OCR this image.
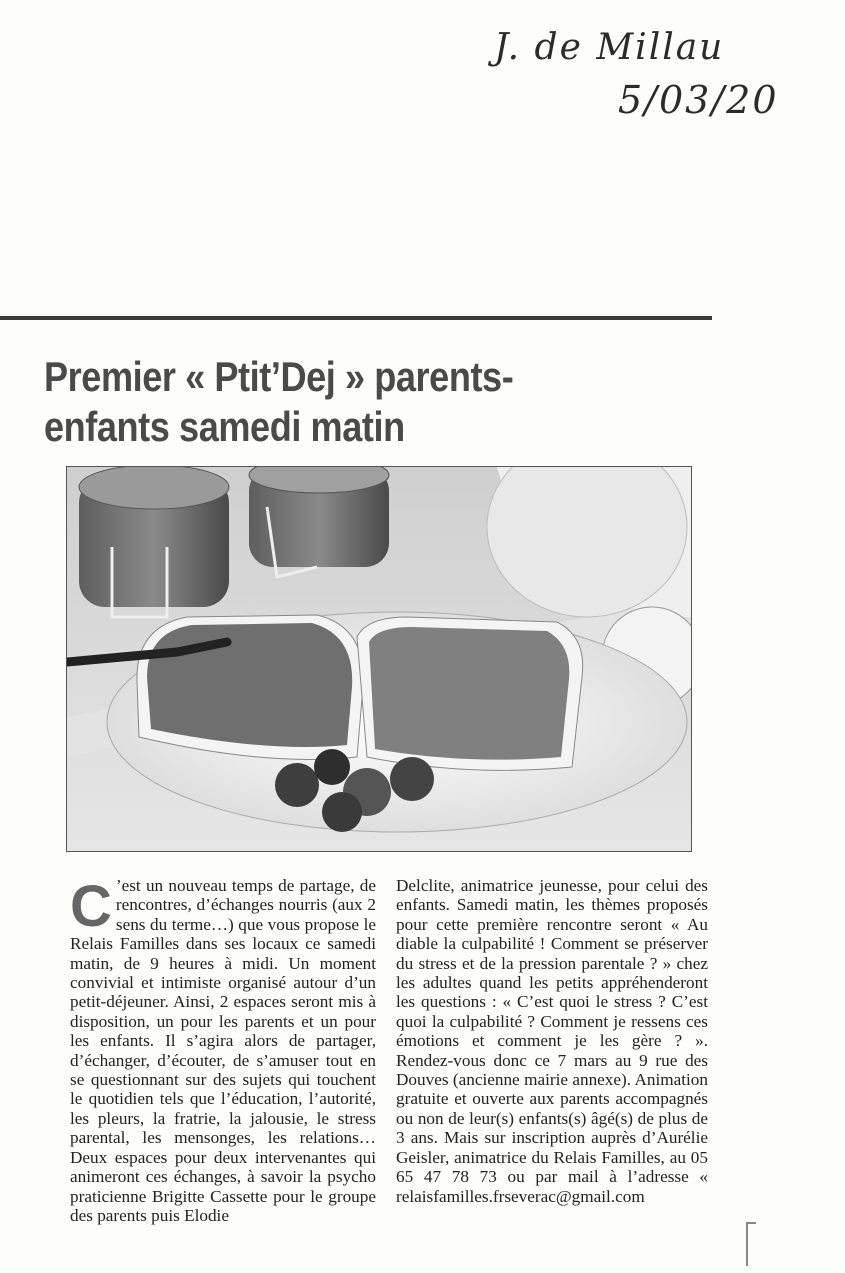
J. de Millau
5/03/20
Premier « Ptit’Dej » parents-enfants samedi matin
C ’est un nouveau temps de partage, de rencontres, d’échanges nourris (aux 2 sens du terme…) que vous propose le Relais Familles dans ses locaux ce samedi matin, de 9 heures à midi. Un moment convivial et intimiste organisé autour d’un petit-déjeuner. Ainsi, 2 espaces seront mis à disposition, un pour les parents et un pour les enfants. Il s’agira alors de partager, d’échanger, d’écouter, de s’amuser tout en se questionnant sur des sujets qui touchent le quotidien tels que l’éducation, l’autorité, les pleurs, la fratrie, la jalousie, le stress parental, les mensonges, les relations… Deux espaces pour deux intervenantes qui animeront ces échanges, à savoir la psycho praticienne Brigitte Cassette pour le groupe des parents puis Elodie
Delclite, animatrice jeunesse, pour celui des enfants. Samedi matin, les thèmes proposés pour cette première rencontre seront « Au diable la culpabilité ! Comment se préserver du stress et de la pression parentale ? » chez les adultes quand les petits appréhenderont les questions : « C’est quoi le stress ? C’est quoi la culpabilité ? Comment je ressens ces émotions et comment je les gère ? ». Rendez-vous donc ce 7 mars au 9 rue des Douves (ancienne mairie annexe). Animation gratuite et ouverte aux parents accompagnés ou non de leur(s) enfants(s) âgé(s) de plus de 3 ans. Mais sur inscription auprès d’Aurélie Geisler, animatrice du Relais Familles, au 05 65 47 78 73 ou par mail à l’adresse « relaisfamilles.frseverac@gmail.com
